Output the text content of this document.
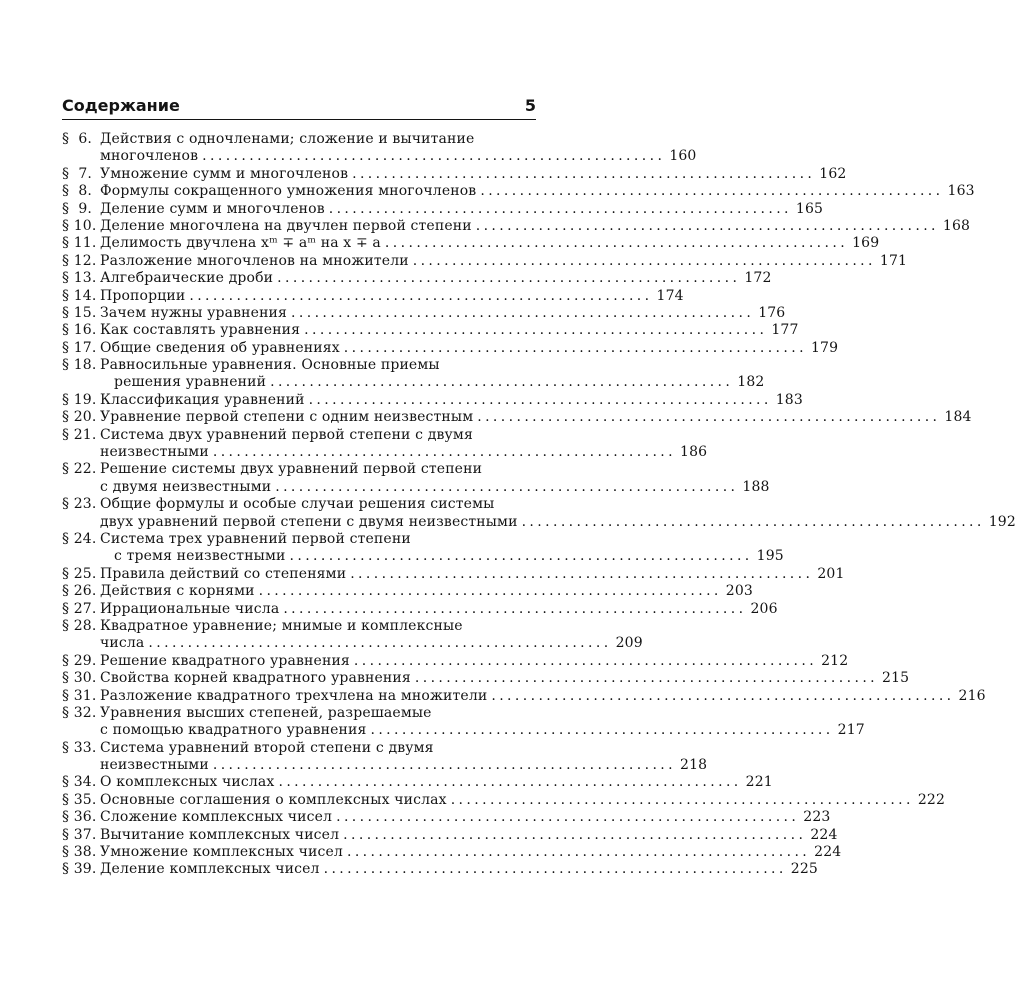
Содержание	5
§  6. Действия с одночленами; сложение и вычитание
многочленов ........................................................... 160
§  7. Умножение сумм и многочленов ........................................................... 162
§  8. Формулы сокращенного умножения многочленов ........................................................... 163
§  9. Деление сумм и многочленов ........................................................... 165
§ 10. Деление многочлена на двучлен первой степени ........................................................... 168
§ 11. Делимость двучлена xᵐ ∓ aᵐ на x ∓ a ........................................................... 169
§ 12. Разложение многочленов на множители ........................................................... 171
§ 13. Алгебраические дроби ........................................................... 172
§ 14. Пропорции ........................................................... 174
§ 15. Зачем нужны уравнения ........................................................... 176
§ 16. Как составлять уравнения ........................................................... 177
§ 17. Общие сведения об уравнениях ........................................................... 179
§ 18. Равносильные уравнения. Основные приемы
решения уравнений ........................................................... 182
§ 19. Классификация уравнений ........................................................... 183
§ 20. Уравнение первой степени с одним неизвестным ........................................................... 184
§ 21. Система двух уравнений первой степени с двумя
неизвестными ........................................................... 186
§ 22. Решение системы двух уравнений первой степени
с двумя неизвестными ........................................................... 188
§ 23. Общие формулы и особые случаи решения системы
двух уравнений первой степени с двумя неизвестными ........................................................... 192
§ 24. Система трех уравнений первой степени
с тремя неизвестными ........................................................... 195
§ 25. Правила действий со степенями ........................................................... 201
§ 26. Действия с корнями ........................................................... 203
§ 27. Иррациональные числа ........................................................... 206
§ 28. Квадратное уравнение; мнимые и комплексные
числа ........................................................... 209
§ 29. Решение квадратного уравнения ........................................................... 212
§ 30. Свойства корней квадратного уравнения ........................................................... 215
§ 31. Разложение квадратного трехчлена на множители ........................................................... 216
§ 32. Уравнения высших степеней, разрешаемые
с помощью квадратного уравнения ........................................................... 217
§ 33. Система уравнений второй степени с двумя
неизвестными ........................................................... 218
§ 34. О комплексных числах ........................................................... 221
§ 35. Основные соглашения о комплексных числах ........................................................... 222
§ 36. Сложение комплексных чисел ........................................................... 223
§ 37. Вычитание комплексных чисел ........................................................... 224
§ 38. Умножение комплексных чисел ........................................................... 224
§ 39. Деление комплексных чисел ........................................................... 225
